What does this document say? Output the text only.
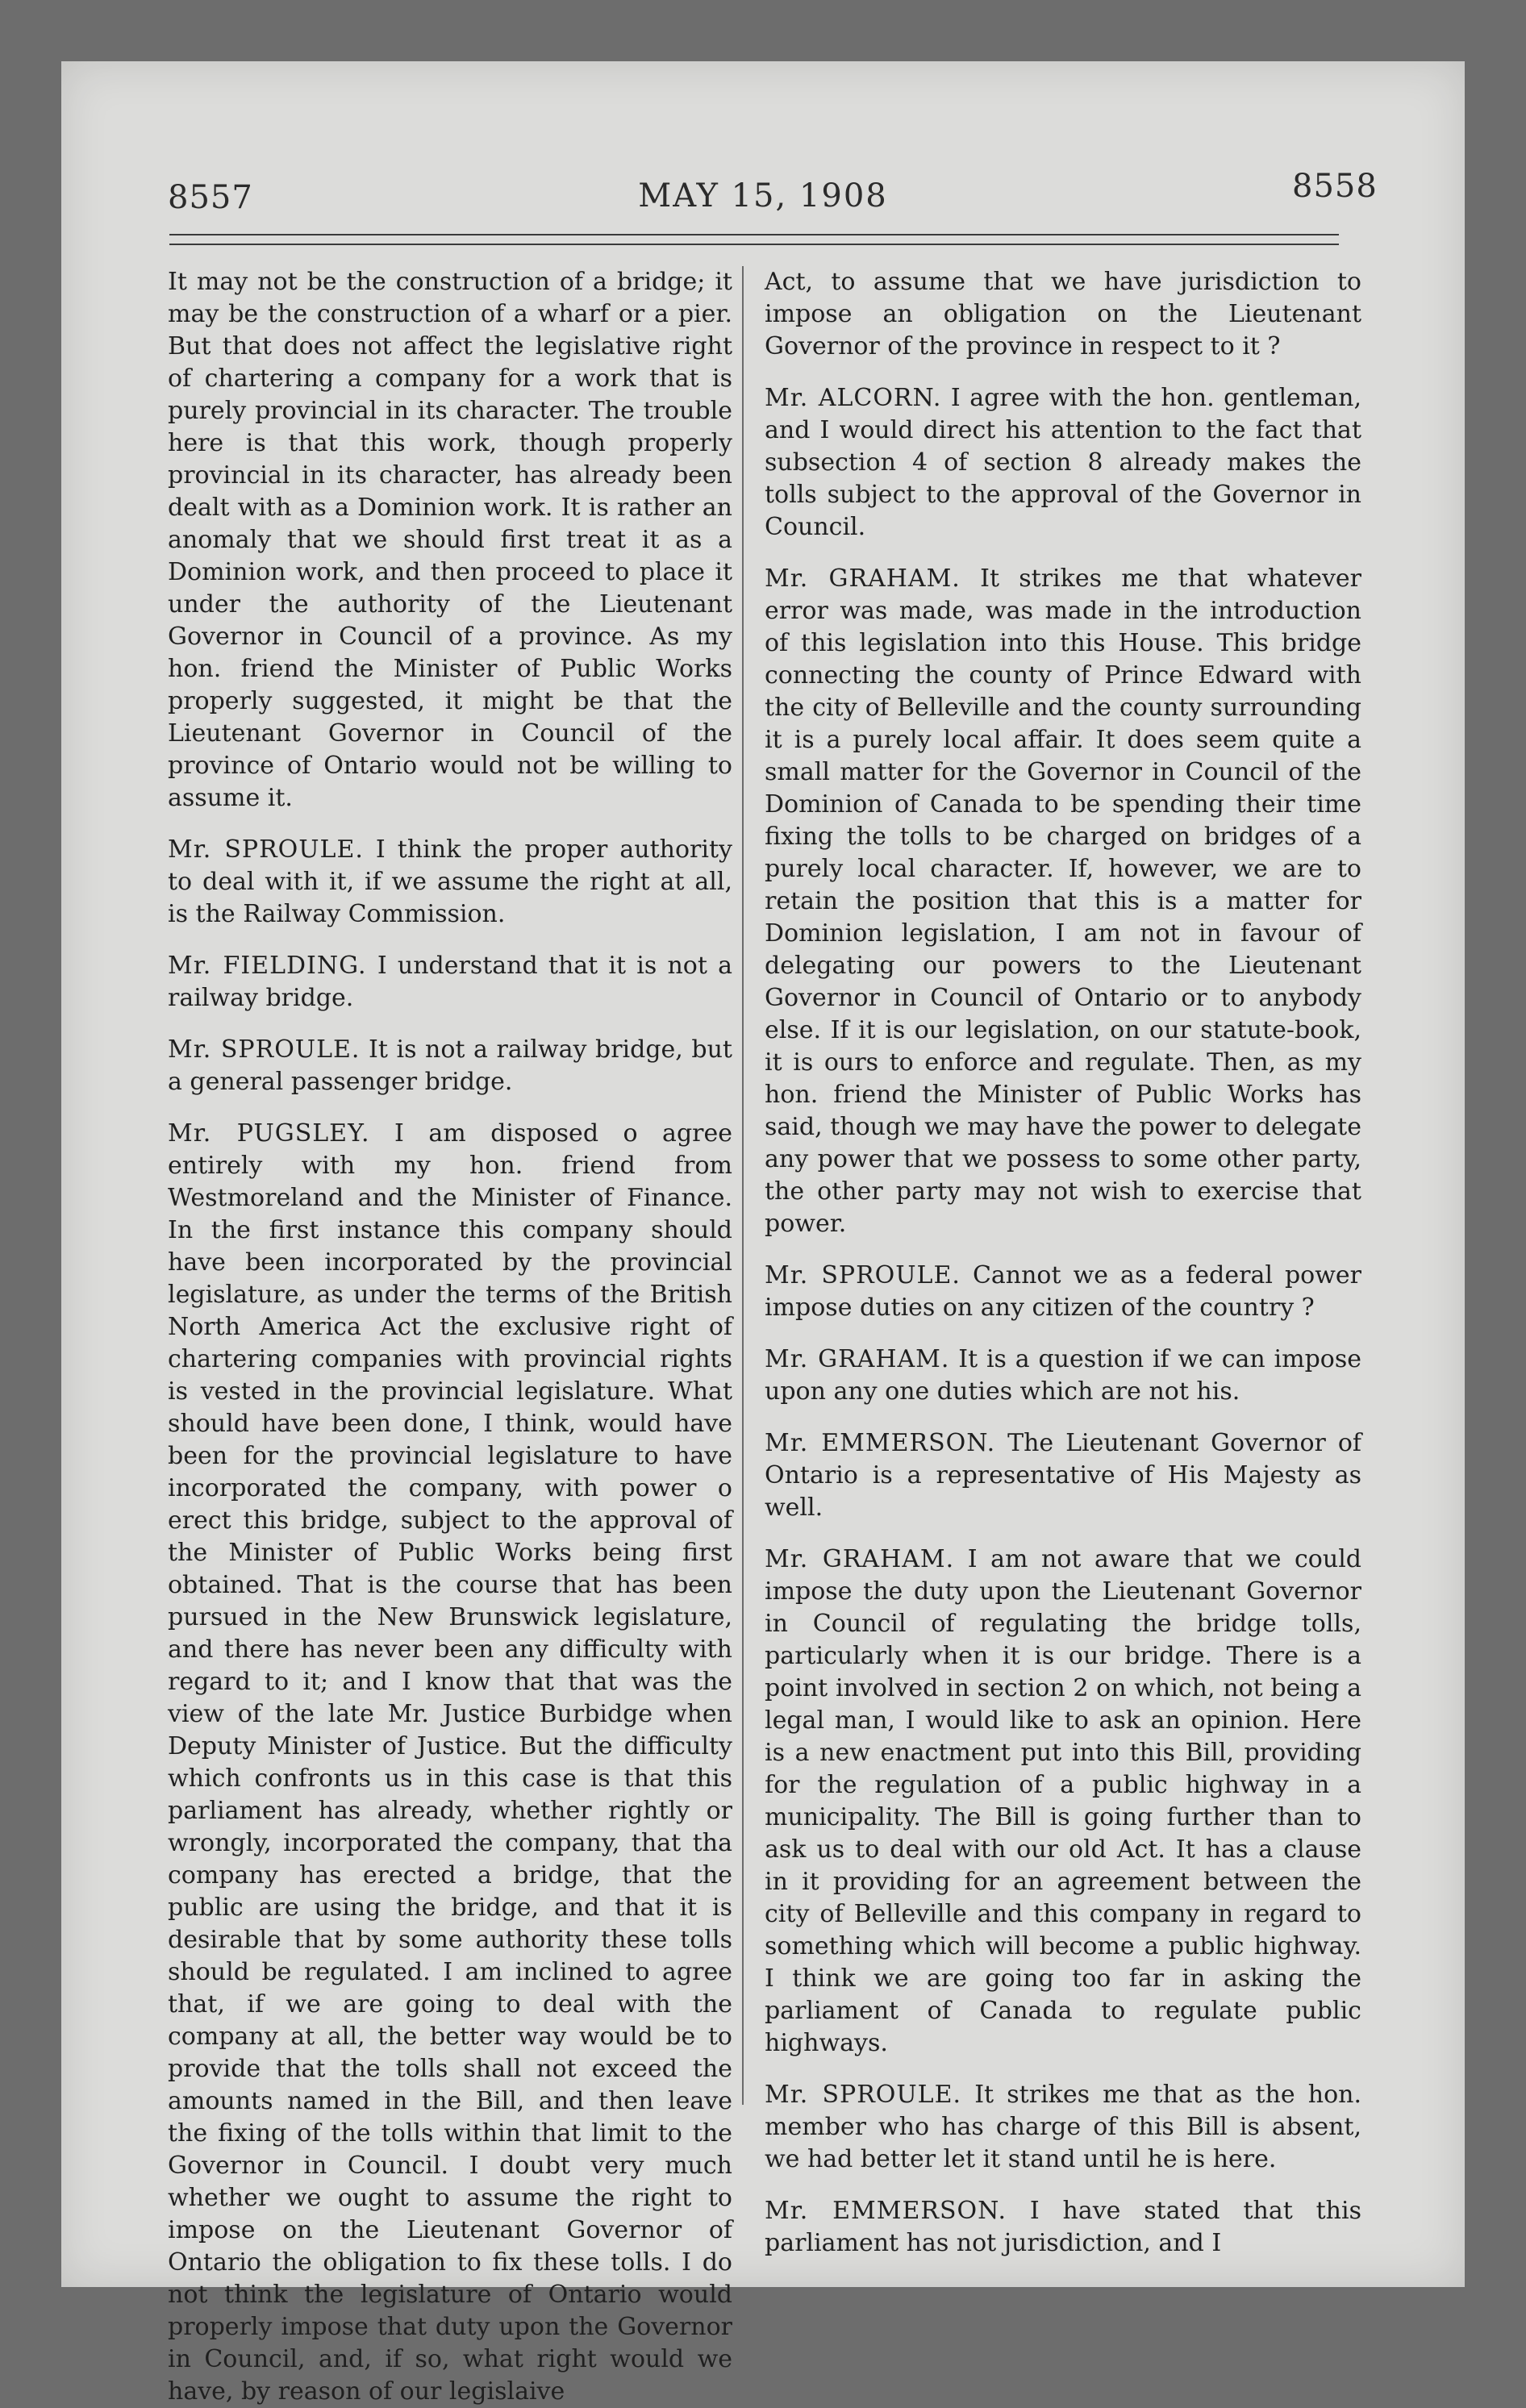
8557	MAY 15, 1908	8558

It may not be the construction of a bridge; it may be the construction of a wharf or a pier. But that does not affect the legislative right of chartering a company for a work that is purely provincial in its character. The trouble here is that this work, though properly provincial in its character, has already been dealt with as a Dominion work. It is rather an anomaly that we should first treat it as a Dominion work, and then proceed to place it under the authority of the Lieutenant Governor in Council of a province. As my hon. friend the Minister of Public Works properly suggested, it might be that the Lieutenant Governor in Council of the province of Ontario would not be willing to assume it.

Mr. SPROULE. I think the proper authority to deal with it, if we assume the right at all, is the Railway Commission.

Mr. FIELDING. I understand that it is not a railway bridge.

Mr. SPROULE. It is not a railway bridge, but a general passenger bridge.

Mr. PUGSLEY. I am disposed o agree entirely with my hon. friend from Westmoreland and the Minister of Finance. In the first instance this company should have been incorporated by the provincial legislature, as under the terms of the British North America Act the exclusive right of chartering companies with provincial rights is vested in the provincial legislature. What should have been done, I think, would have been for the provincial legislature to have incorporated the company, with power o erect this bridge, subject to the approval of the Minister of Public Works being first obtained. That is the course that has been pursued in the New Brunswick legislature, and there has never been any difficulty with regard to it; and I know that that was the view of the late Mr. Justice Burbidge when Deputy Minister of Justice. But the difficulty which confronts us in this case is that this parliament has already, whether rightly or wrongly, incorporated the company, that tha company has erected a bridge, that the public are using the bridge, and that it is desirable that by some authority these tolls should be regulated. I am inclined to agree that, if we are going to deal with the company at all, the better way would be to provide that the tolls shall not exceed the amounts named in the Bill, and then leave the fixing of the tolls within that limit to the Governor in Council. I doubt very much whether we ought to assume the right to impose on the Lieutenant Governor of Ontario the obligation to fix these tolls. I do not think the legislature of Ontario would properly impose that duty upon the Governor in Council, and, if so, what right would we have, by reason of our legislaive

Act, to assume that we have jurisdiction to impose an obligation on the Lieutenant Governor of the province in respect to it ?

Mr. ALCORN. I agree with the hon. gentleman, and I would direct his attention to the fact that subsection 4 of section 8 already makes the tolls subject to the approval of the Governor in Council.

Mr. GRAHAM. It strikes me that whatever error was made, was made in the introduction of this legislation into this House. This bridge connecting the county of Prince Edward with the city of Belleville and the county surrounding it is a purely local affair. It does seem quite a small matter for the Governor in Council of the Dominion of Canada to be spending their time fixing the tolls to be charged on bridges of a purely local character. If, however, we are to retain the position that this is a matter for Dominion legislation, I am not in favour of delegating our powers to the Lieutenant Governor in Council of Ontario or to anybody else. If it is our legislation, on our statute-book, it is ours to enforce and regulate. Then, as my hon. friend the Minister of Public Works has said, though we may have the power to delegate any power that we possess to some other party, the other party may not wish to exercise that power.

Mr. SPROULE. Cannot we as a federal power impose duties on any citizen of the country ?

Mr. GRAHAM. It is a question if we can impose upon any one duties which are not his.

Mr. EMMERSON. The Lieutenant Governor of Ontario is a representative of His Majesty as well.

Mr. GRAHAM. I am not aware that we could impose the duty upon the Lieutenant Governor in Council of regulating the bridge tolls, particularly when it is our bridge. There is a point involved in section 2 on which, not being a legal man, I would like to ask an opinion. Here is a new enactment put into this Bill, providing for the regulation of a public highway in a municipality. The Bill is going further than to ask us to deal with our old Act. It has a clause in it providing for an agreement between the city of Belleville and this company in regard to something which will become a public highway. I think we are going too far in asking the parliament of Canada to regulate public highways.

Mr. SPROULE. It strikes me that as the hon. member who has charge of this Bill is absent, we had better let it stand until he is here.

Mr. EMMERSON. I have stated that this parliament has not jurisdiction, and I
